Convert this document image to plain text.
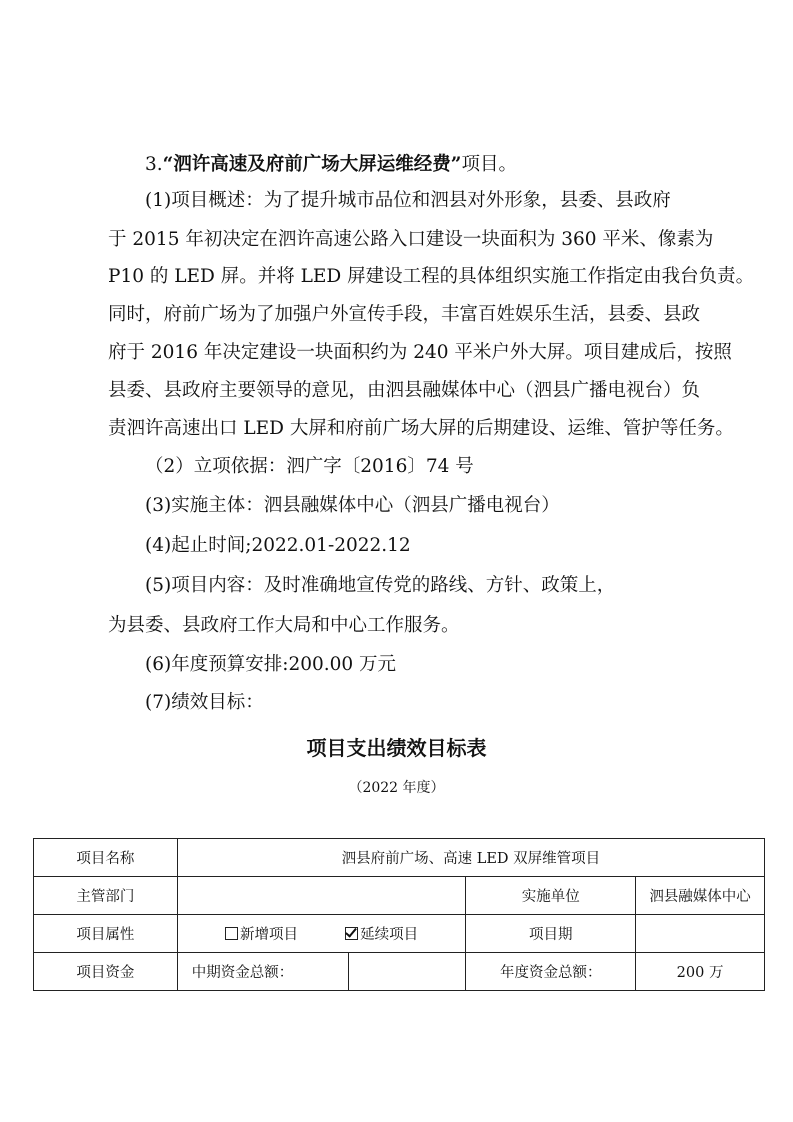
3.“泗许高速及府前广场大屏运维经费”项目。
(1)项目概述：为了提升城市品位和泗县对外形象，县委、县政府
于 2015 年初决定在泗许高速公路入口建设一块面积为 360 平米、像素为
P10 的 LED 屏。并将 LED 屏建设工程的具体组织实施工作指定由我台负责。
同时，府前广场为了加强户外宣传手段，丰富百姓娱乐生活，县委、县政
府于 2016 年决定建设一块面积约为 240 平米户外大屏。项目建成后，按照
县委、县政府主要领导的意见，由泗县融媒体中心（泗县广播电视台）负
责泗许高速出口 LED 大屏和府前广场大屏的后期建设、运维、管护等任务。
（2）立项依据：泗广字〔2016〕74 号
(3)实施主体：泗县融媒体中心（泗县广播电视台）
(4)起止时间;2022.01-2022.12
(5)项目内容：及时准确地宣传党的路线、方针、政策上，
为县委、县政府工作大局和中心工作服务。
(6)年度预算安排:200.00 万元
(7)绩效目标：
项目支出绩效目标表
（2022 年度）
项目名称	泗县府前广场、高速 LED 双屏维管项目			
主管部门			实施单位	泗县融媒体中心
项目属性	新增项目 延续项目		项目期	
项目资金	中期资金总额：		年度资金总额：	200 万
